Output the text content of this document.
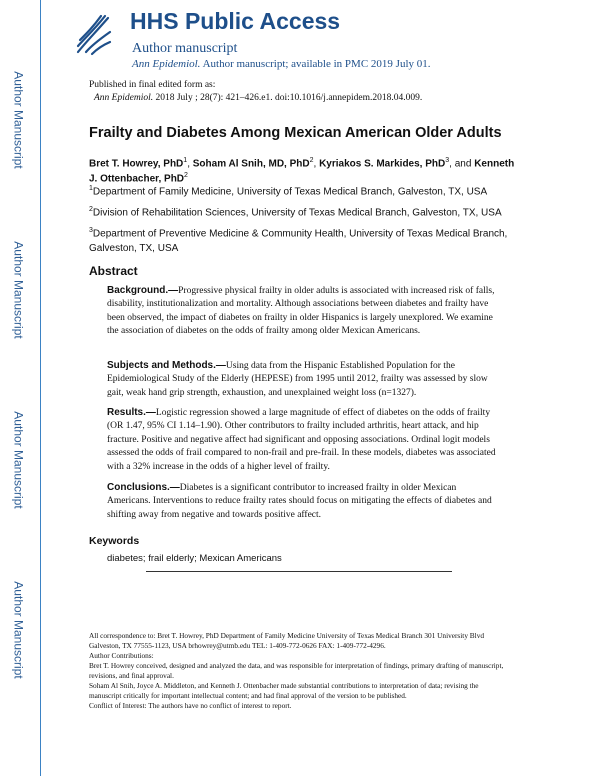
Author Manuscript
Author Manuscript
Author Manuscript
Author Manuscript
HHS Public Access
Author manuscript
Ann Epidemiol. Author manuscript; available in PMC 2019 July 01.
Published in final edited form as:
Ann Epidemiol. 2018 July ; 28(7): 421–426.e1. doi:10.1016/j.annepidem.2018.04.009.
Frailty and Diabetes Among Mexican American Older Adults
Bret T. Howrey, PhD$^1$, Soham Al Snih, MD, PhD$^2$, Kyriakos S. Markides, PhD$^3$, and Kenneth J. Ottenbacher, PhD$^2$
$^1$Department of Family Medicine, University of Texas Medical Branch, Galveston, TX, USA
$^2$Division of Rehabilitation Sciences, University of Texas Medical Branch, Galveston, TX, USA
$^3$Department of Preventive Medicine & Community Health, University of Texas Medical Branch, Galveston, TX, USA
Abstract
Background.—Progressive physical frailty in older adults is associated with increased risk of falls, disability, institutionalization and mortality. Although associations between diabetes and frailty have been observed, the impact of diabetes on frailty in older Hispanics is largely unexplored. We examine the association of diabetes on the odds of frailty among older Mexican Americans.
Subjects and Methods.—Using data from the Hispanic Established Population for the Epidemiological Study of the Elderly (HEPESE) from 1995 until 2012, frailty was assessed by slow gait, weak hand grip strength, exhaustion, and unexplained weight loss (n=1327).
Results.—Logistic regression showed a large magnitude of effect of diabetes on the odds of frailty (OR 1.47, 95% CI 1.14–1.90). Other contributors to frailty included arthritis, heart attack, and hip fracture. Positive and negative affect had significant and opposing associations. Ordinal logit models assessed the odds of frail compared to non-frail and pre-frail. In these models, diabetes was associated with a 32% increase in the odds of a higher level of frailty.
Conclusions.—Diabetes is a significant contributor to increased frailty in older Mexican Americans. Interventions to reduce frailty rates should focus on mitigating the effects of diabetes and shifting away from negative and towards positive affect.
Keywords
diabetes; frail elderly; Mexican Americans
All correspondence to: Bret T. Howrey, PhD Department of Family Medicine University of Texas Medical Branch 301 University Blvd Galveston, TX 77555-1123, USA brhowrey@utmb.edu TEL: 1-409-772-0626 FAX: 1-409-772-4296.
Author Contributions:
Bret T. Howrey conceived, designed and analyzed the data, and was responsible for interpretation of findings, primary drafting of manuscript, revisions, and final approval.
Soham Al Snih, Joyce A. Middleton, and Kenneth J. Ottenbacher made substantial contributions to interpretation of data; revising the manuscript critically for important intellectual content; and had final approval of the version to be published.
Conflict of Interest: The authors have no conflict of interest to report.
